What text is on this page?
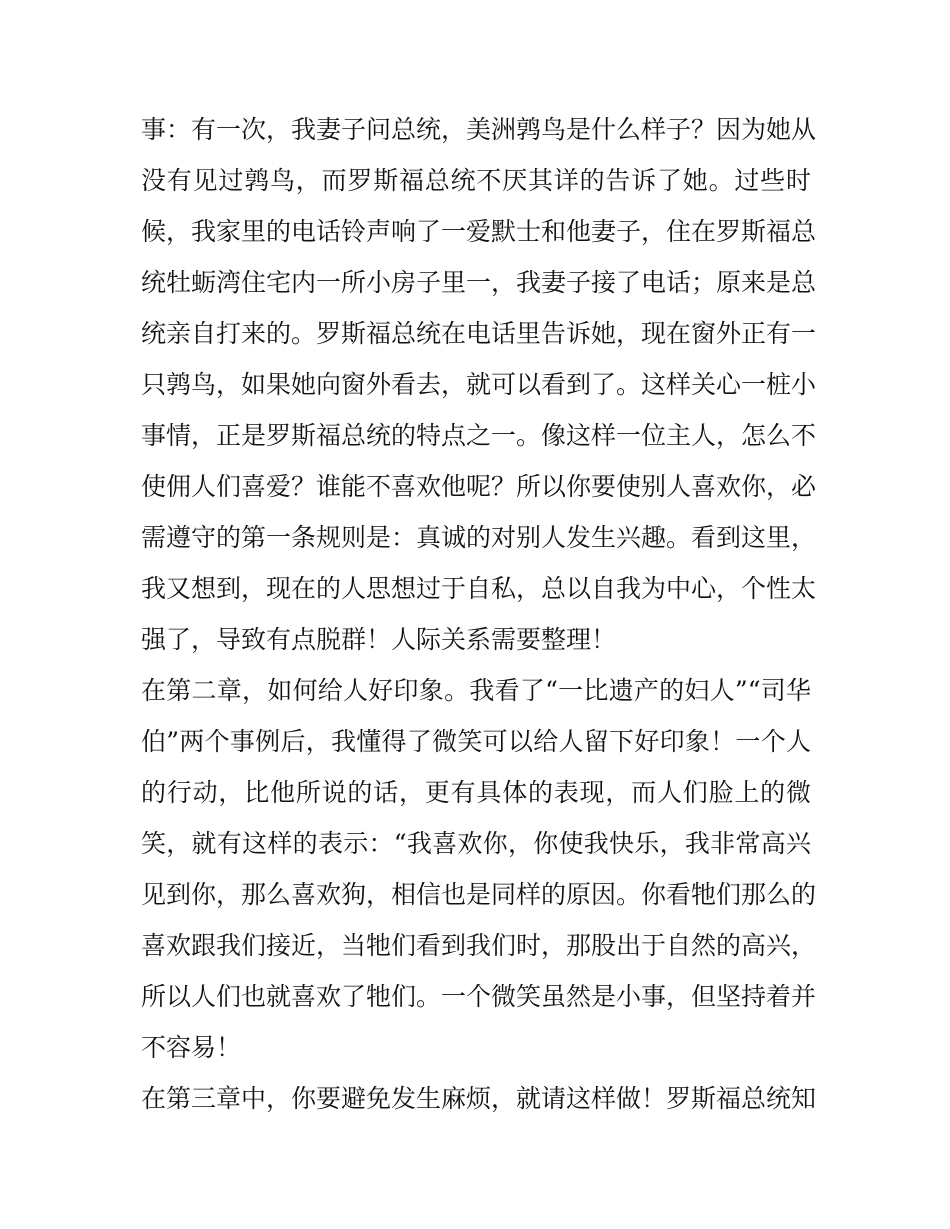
事：有一次，我妻子问总统，美洲鹑鸟是什么样子？因为她从
没有见过鹑鸟，而罗斯福总统不厌其详的告诉了她。过些时
候，我家里的电话铃声响了一爱默士和他妻子，住在罗斯福总
统牡蛎湾住宅内一所小房子里一，我妻子接了电话；原来是总
统亲自打来的。罗斯福总统在电话里告诉她，现在窗外正有一
只鹑鸟，如果她向窗外看去，就可以看到了。这样关心一桩小
事情，正是罗斯福总统的特点之一。像这样一位主人，怎么不
使佣人们喜爱？谁能不喜欢他呢？所以你要使别人喜欢你，必
需遵守的第一条规则是：真诚的对别人发生兴趣。看到这里，
我又想到，现在的人思想过于自私，总以自我为中心，个性太
强了，导致有点脱群！人际关系需要整理！
在第二章，如何给人好印象。我看了“一比遗产的妇人”“司华
伯”两个事例后，我懂得了微笑可以给人留下好印象！一个人
的行动，比他所说的话，更有具体的表现，而人们脸上的微
笑，就有这样的表示：“我喜欢你，你使我快乐，我非常高兴
见到你，那么喜欢狗，相信也是同样的原因。你看牠们那么的
喜欢跟我们接近，当牠们看到我们时，那股出于自然的高兴，
所以人们也就喜欢了牠们。一个微笑虽然是小事，但坚持着并
不容易！
在第三章中，你要避免发生麻烦，就请这样做！罗斯福总统知
